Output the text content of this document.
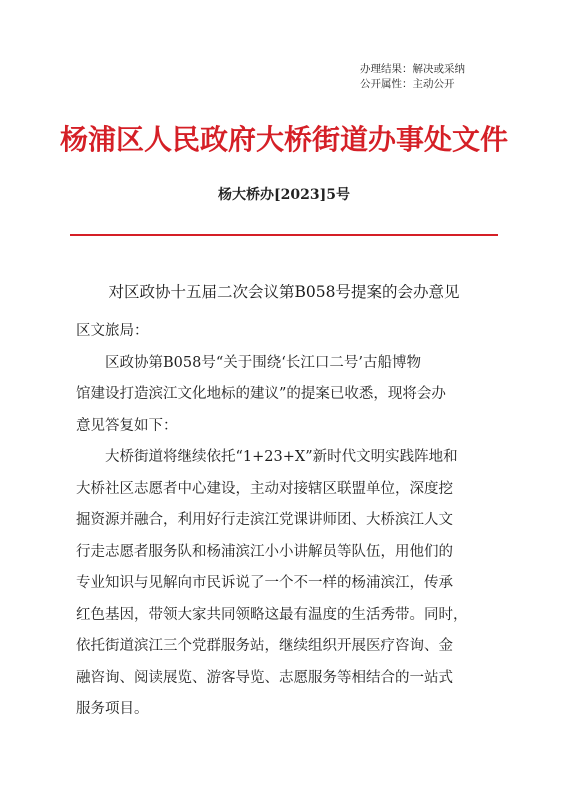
办理结果：解决或采纳
公开属性：主动公开
杨浦区人民政府大桥街道办事处文件
杨大桥办[2023]5号
对区政协十五届二次会议第B058号提案的会办意见
区文旅局：
　　区政协第B058号“关于围绕‘长江口二号’古船博物
馆建设打造滨江文化地标的建议”的提案已收悉，现将会办
意见答复如下：
　　大桥街道将继续依托“1+23+X”新时代文明实践阵地和
大桥社区志愿者中心建设，主动对接辖区联盟单位，深度挖
掘资源并融合，利用好行走滨江党课讲师团、大桥滨江人文
行走志愿者服务队和杨浦滨江小小讲解员等队伍，用他们的
专业知识与见解向市民诉说了一个不一样的杨浦滨江，传承
红色基因，带领大家共同领略这最有温度的生活秀带。同时，
依托街道滨江三个党群服务站，继续组织开展医疗咨询、金
融咨询、阅读展览、游客导览、志愿服务等相结合的一站式
服务项目。
